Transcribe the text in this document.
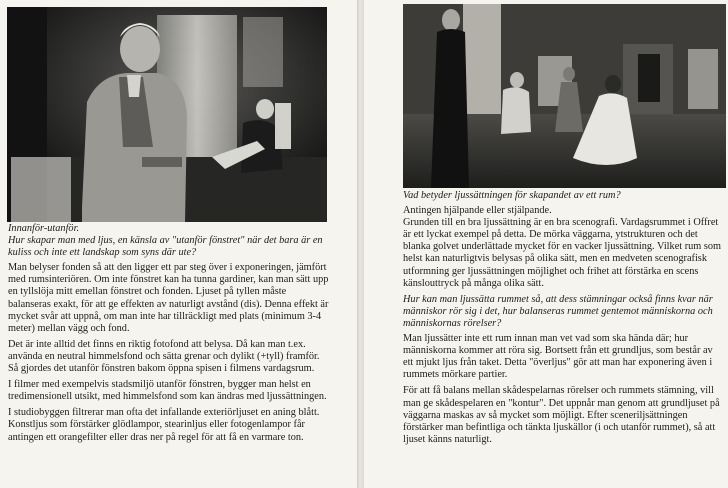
Innanför-utanför.

Hur skapar man med ljus, en känsla av "utanför fönstret" när det bara är en kuliss och inte ett landskap som syns där ute?

Man belyser fonden så att den ligger ett par steg över i exponeringen, jämfört med rumsinteriören. Om inte fönstret kan ha tunna gardiner, kan man sätt upp en tyllslöja mitt emellan fönstret och fonden. Ljuset på tyllen måste balanseras exakt, för att ge effekten av naturligt avstånd (dis). Denna effekt är mycket svår att uppnå, om man inte har tillräckligt med plats (minimum 3-4 meter) mellan vägg och fond.

Det är inte alltid det finns en riktig fotofond att belysa. Då kan man t.ex. använda en neutral himmelsfond och sätta grenar och dylikt (+tyll) framför. Så gjordes det utanför fönstren bakom öppna spisen i filmens vardagsrum.

I filmer med exempelvis stadsmiljö utanför fönstren, bygger man helst en tredimensionell utsikt, med himmelsfond som kan ändras med ljussättningen.

I studiobyggen filtrerar man ofta det infallande exteriörljuset en aning blått. Konstljus som förstärker glödlampor, stearinljus eller fotogenlampor får antingen ett orangefilter eller dras ner på regel för att få en varmare ton.

Vad betyder ljussättningen för skapandet av ett rum?

Antingen hjälpande eller stjälpande.

Grunden till en bra ljussättning är en bra scenografi. Vardagsrummet i Offret är ett lyckat exempel på detta. De mörka väggarna, ytstrukturen och det blanka golvet underlättade mycket för en vacker ljussättning. Vilket rum som helst kan naturligtvis belysas på olika sätt, men en medveten scenografisk utformning ger ljussättningen möjlighet och frihet att förstärka en scens känslouttryck på många olika sätt.

Hur kan man ljussätta rummet så, att dess stämningar också finns kvar när människor rör sig i det, hur balanseras rummet gentemot människorna och människornas rörelser?

Man ljussätter inte ett rum innan man vet vad som ska hända där; hur människorna kommer att röra sig. Bortsett från ett grundljus, som består av ett mjukt ljus från taket. Detta "överljus" gör att man har exponering även i rummets mörkare partier.

För att få balans mellan skådespelarnas rörelser och rummets stämning, vill man ge skådespelaren en "kontur". Det uppnår man genom att grundljuset på väggarna maskas av så mycket som möjligt. Efter sceneriljsättningen förstärker man befintliga och tänkta ljuskällor (i och utanför rummet), så att ljuset känns naturligt.
